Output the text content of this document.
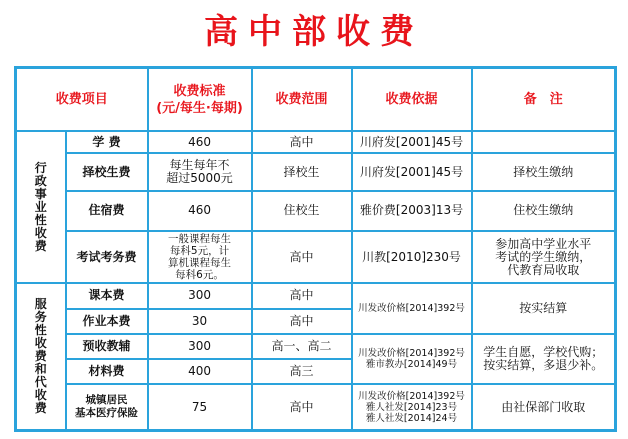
高中部收费
收费项目		收费标准
(元/每生·每期)	收费范围	收费依据	备　注

行政事业性收费	学 费	460	高中	川府发[2001]45号	
	择校生费	每生每年不
超过5000元	择校生	川府发[2001]45号	择校生缴纳
	住宿费	460	住校生	雅价费[2003]13号	住校生缴纳
	考试考务费	一般课程每生
每科5元，计
算机课程每生
每科6元。	高中	川教[2010]230号	参加高中学业水平
考试的学生缴纳，
代教育局收取

服务性收费和代收费	课本费	300	高中	川发改价格[2014]392号	按实结算
	作业本费	30	高中		
	预收教辅	300	高一、高二	川发改价格[2014]392号
雅市教办[2014]49号	学生自愿，学校代购；
按实结算，多退少补。
	材料费	400	高三		
	城镇居民
基本医疗保险	75	高中	川发改价格[2014]392号
雅人社发[2014]23号
雅人社发[2014]24号	由社保部门收取
